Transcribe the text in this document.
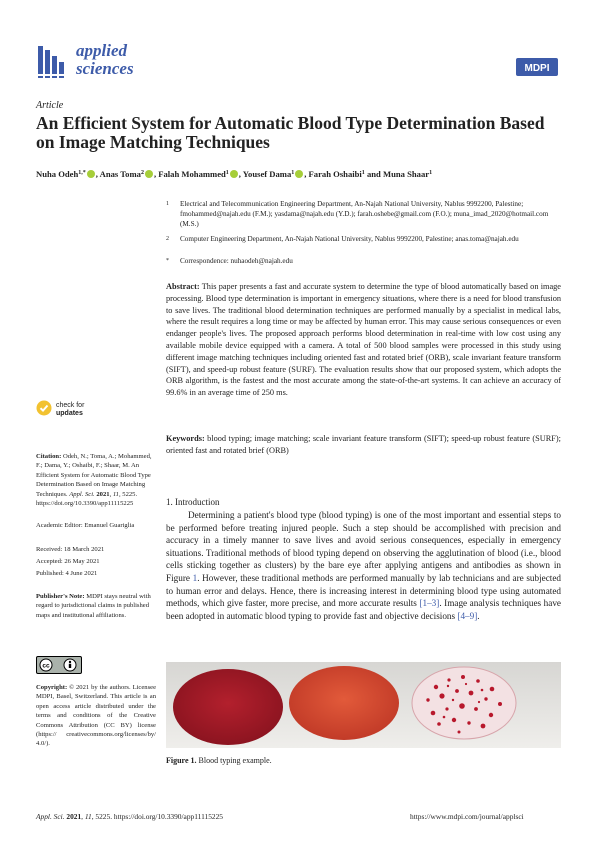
applied
sciences	MDPI
Article
An Efficient System for Automatic Blood Type Determination Based on Image Matching Techniques
Nuha Odeh$^{1,*}$ , Anas Toma$^2$ , Falah Mohammed$^1$ , Yousef Dama$^1$ , Farah Oshaibi$^1$ and Muna Shaar$^1$
1 Electrical and Telecommunication Engineering Department, An-Najah National University, Nablus 9992200, Palestine; fmohammed@najah.edu (F.M.); yasdama@najah.edu (Y.D.); farah.oshebe@gmail.com (F.O.); muna_imad_2020@hotmail.com (M.S.)
2 Computer Engineering Department, An-Najah National University, Nablus 9992200, Palestine; anas.toma@najah.edu
* Correspondence: nuhaodeh@najah.edu
Abstract: This paper presents a fast and accurate system to determine the type of blood automatically based on image processing. Blood type determination is important in emergency situations, where there is a need for blood transfusion to save lives. The traditional blood determination techniques are performed manually by a specialist in medical labs, where the result requires a long time or may be affected by human error. This may cause serious consequences or even endanger people's lives. The proposed approach performs blood determination in real-time with low cost using any available mobile device equipped with a camera. A total of 500 blood samples were processed in this study using different image matching techniques including oriented fast and rotated brief (ORB), scale invariant feature transform (SIFT), and speed-up robust feature (SURF). The evaluation results show that our proposed system, which adopts the ORB algorithm, is the fastest and the most accurate among the state-of-the-art systems. It can achieve an accuracy of 99.6% in an average time of 250 ms.
Keywords: blood typing; image matching; scale invariant feature transform (SIFT); speed-up robust feature (SURF); oriented fast and rotated brief (ORB)
check for
updates
Citation: Odeh, N.; Toma, A.; Mohammed, F.; Dama, Y.; Oshaibi, F.; Shaar, M. An Efficient System for Automatic Blood Type Determination Based on Image Matching Techniques. Appl. Sci. 2021, 11, 5225. https://doi.org/10.3390/app11115225
Academic Editor: Emanuel Guariglia
Received: 18 March 2021
Accepted: 26 May 2021
Published: 4 June 2021
Publisher's Note: MDPI stays neutral with regard to jurisdictional claims in published maps and institutional affiliations.
cc
Copyright: © 2021 by the authors. Licensee MDPI, Basel, Switzerland. This article is an open access article distributed under the terms and conditions of the Creative Commons Attribution (CC BY) license (https:// creativecommons.org/licenses/by/ 4.0/).
1. Introduction
Determining a patient's blood type (blood typing) is one of the most important and essential steps to be performed before treating injured people. Such a step should be accomplished with precision and accuracy in a timely manner to save lives and avoid serious consequences, especially in emergency situations. Traditional methods of blood typing depend on observing the agglutination of blood (i.e., blood cells sticking together as clusters) by the bare eye after applying antigens and antibodies as shown in Figure 1. However, these traditional methods are performed manually by lab technicians and are subjected to human error and delays. Hence, there is increasing interest in determining blood type using automated methods, which give faster, more precise, and more accurate results [1–3]. Image analysis techniques have been adopted in automatic blood typing to provide fast and objective decisions [4–9].
Figure 1. Blood typing example.
Appl. Sci. 2021, 11, 5225. https://doi.org/10.3390/app11115225	https://www.mdpi.com/journal/applsci
